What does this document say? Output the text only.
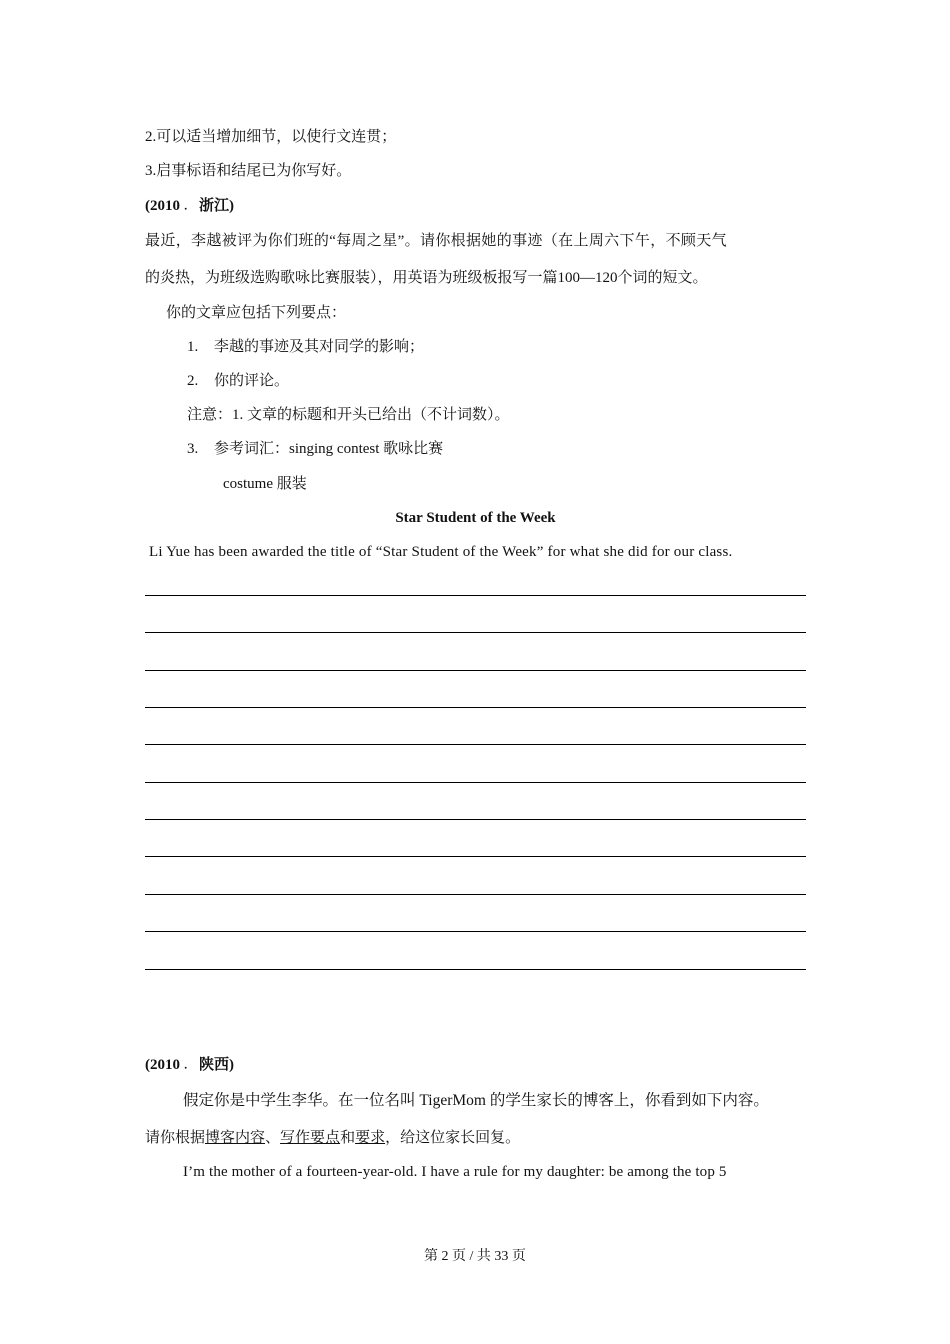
2.可以适当增加细节，以使行文连贯；
3.启事标语和结尾已为你写好。
(2010 ． 浙江)
最近，李越被评为你们班的“每周之星”。请你根据她的事迹（在上周六下午，不顾天气
的炎热，为班级选购歌咏比赛服装），用英语为班级板报写一篇100—120个词的短文。
你的文章应包括下列要点：
1. 李越的事迹及其对同学的影响；
2. 你的评论。
注意：1. 文章的标题和开头已给出（不计词数）。
3. 参考词汇：singing contest 歌咏比赛
costume 服装
Star Student of the Week
Li Yue has been awarded the title of “Star Student of the Week” for what she did for our class.
(2010 ． 陕西)
假定你是中学生李华。在一位名叫 TigerMom 的学生家长的博客上，你看到如下内容。
请你根据博客内容、写作要点和要求，给这位家长回复。
I’m the mother of a fourteen-year-old. I have a rule for my daughter: be among the top 5
第 2 页 / 共 33 页
